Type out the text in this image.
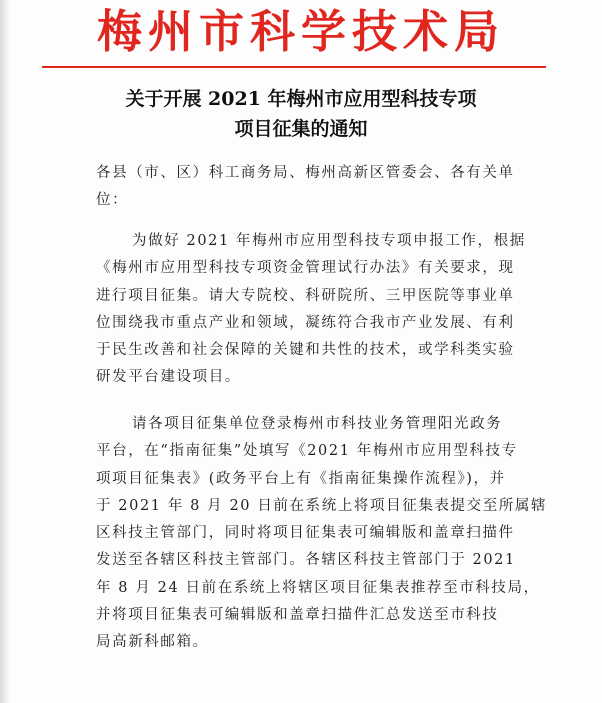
梅州市科学技术局
关于开展 2021 年梅州市应用型科技专项
项目征集的通知
各县（市、区）科工商务局、梅州高新区管委会、各有关单
位：
为做好 2021 年梅州市应用型科技专项申报工作，根据
《梅州市应用型科技专项资金管理试行办法》有关要求，现
进行项目征集。请大专院校、科研院所、三甲医院等事业单
位围绕我市重点产业和领域，凝练符合我市产业发展、有利
于民生改善和社会保障的关键和共性的技术，或学科类实验
研发平台建设项目。
请各项目征集单位登录梅州市科技业务管理阳光政务
平台，在“指南征集”处填写《2021 年梅州市应用型科技专
项项目征集表》(政务平台上有《指南征集操作流程》)，并
于 2021 年 8 月 20 日前在系统上将项目征集表提交至所属辖
区科技主管部门，同时将项目征集表可编辑版和盖章扫描件
发送至各辖区科技主管部门。各辖区科技主管部门于 2021
年 8 月 24 日前在系统上将辖区项目征集表推荐至市科技局，
并将项目征集表可编辑版和盖章扫描件汇总发送至市科技
局高新科邮箱。
